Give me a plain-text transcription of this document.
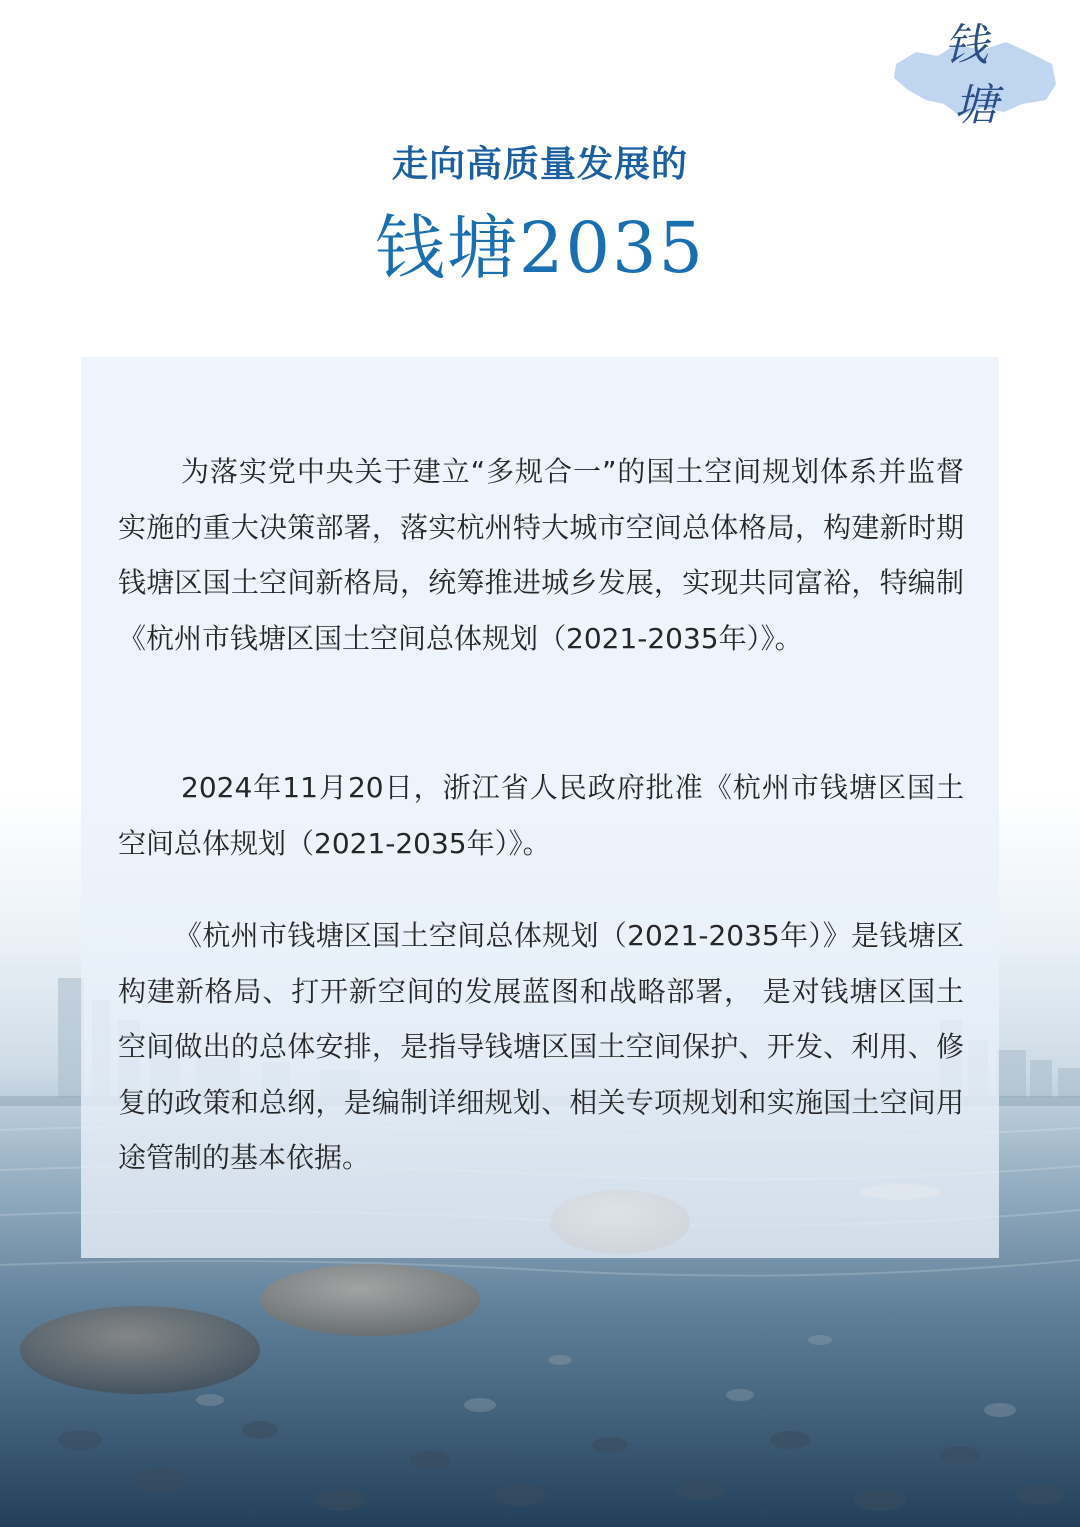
钱
塘
走向高质量发展的
钱塘2035

为落实党中央关于建立“多规合一”的国土空间规划体系并监督实施的重大决策部署，落实杭州特大城市空间总体格局，构建新时期钱塘区国土空间新格局，统筹推进城乡发展，实现共同富裕，特编制《杭州市钱塘区国土空间总体规划（2021-2035年）》。

2024年11月20日，浙江省人民政府批准《杭州市钱塘区国土空间总体规划（2021-2035年）》。

《杭州市钱塘区国土空间总体规划（2021-2035年）》是钱塘区构建新格局、打开新空间的发展蓝图和战略部署， 是对钱塘区国土空间做出的总体安排，是指导钱塘区国土空间保护、开发、利用、修复的政策和总纲，是编制详细规划、相关专项规划和实施国土空间用途管制的基本依据。
